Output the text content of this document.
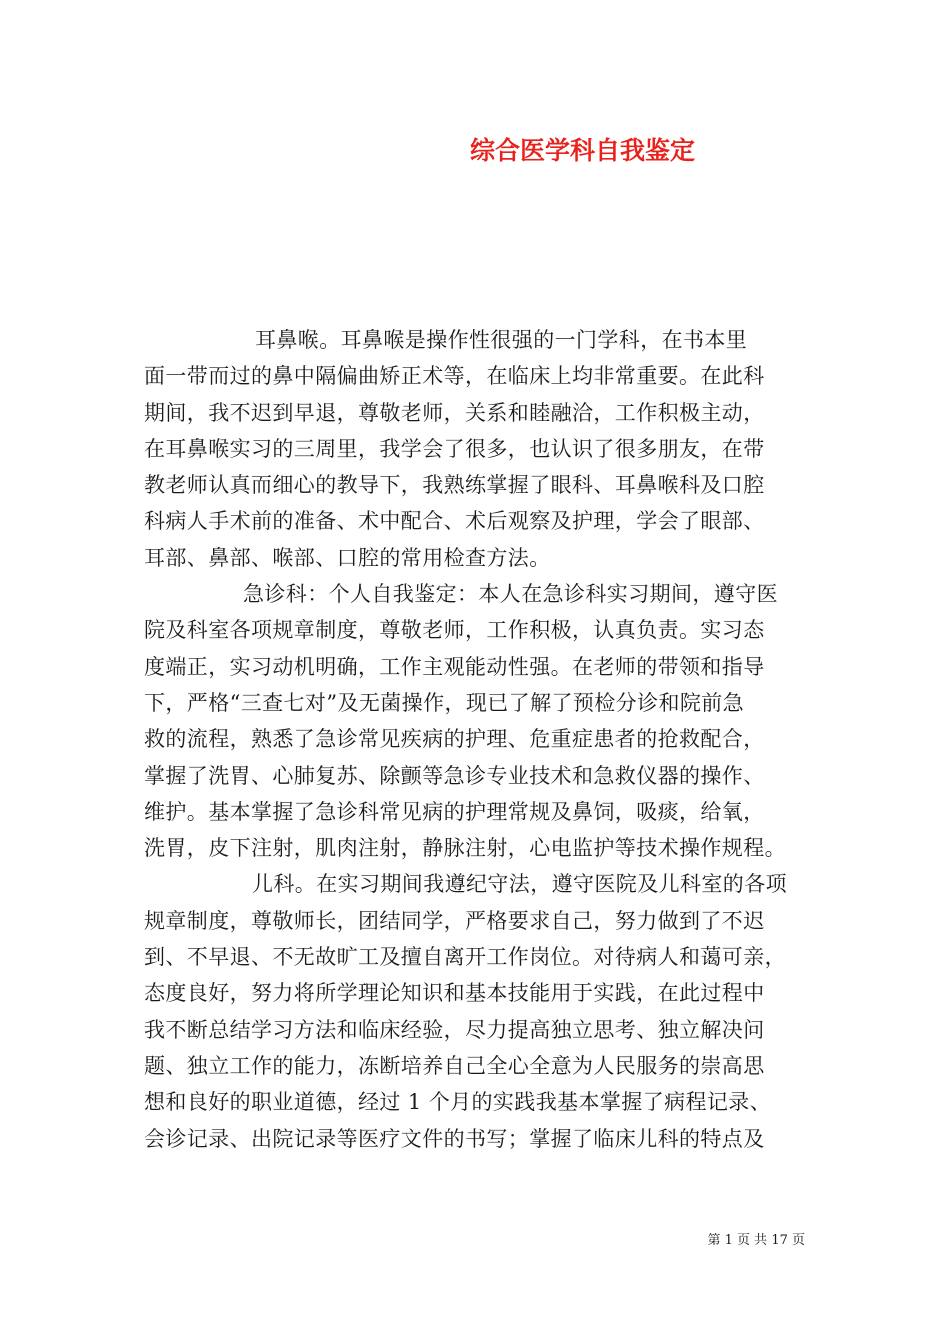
综合医学科自我鉴定

耳鼻喉。耳鼻喉是操作性很强的一门学科，在书本里
面一带而过的鼻中隔偏曲矫正术等，在临床上均非常重要。在此科
期间，我不迟到早退，尊敬老师，关系和睦融洽，工作积极主动，
在耳鼻喉实习的三周里，我学会了很多，也认识了很多朋友，在带
教老师认真而细心的教导下，我熟练掌握了眼科、耳鼻喉科及口腔
科病人手术前的准备、术中配合、术后观察及护理，学会了眼部、
耳部、鼻部、喉部、口腔的常用检查方法。

急诊科：个人自我鉴定：本人在急诊科实习期间，遵守医
院及科室各项规章制度，尊敬老师，工作积极，认真负责。实习态
度端正，实习动机明确，工作主观能动性强。在老师的带领和指导
下，严格“三查七对”及无菌操作，现已了解了预检分诊和院前急
救的流程，熟悉了急诊常见疾病的护理、危重症患者的抢救配合，
掌握了洗胃、心肺复苏、除颤等急诊专业技术和急救仪器的操作、
维护。基本掌握了急诊科常见病的护理常规及鼻饲，吸痰，给氧，
洗胃，皮下注射，肌肉注射，静脉注射，心电监护等技术操作规程。

儿科。在实习期间我遵纪守法，遵守医院及儿科室的各项
规章制度，尊敬师长，团结同学，严格要求自己，努力做到了不迟
到、不早退、不无故旷工及擅自离开工作岗位。对待病人和蔼可亲，
态度良好，努力将所学理论知识和基本技能用于实践，在此过程中
我不断总结学习方法和临床经验，尽力提高独立思考、独立解决问
题、独立工作的能力，冻断培养自己全心全意为人民服务的崇高思
想和良好的职业道德，经过 1 个月的实践我基本掌握了病程记录、
会诊记录、出院记录等医疗文件的书写；掌握了临床儿科的特点及

第 1 页 共 17 页
